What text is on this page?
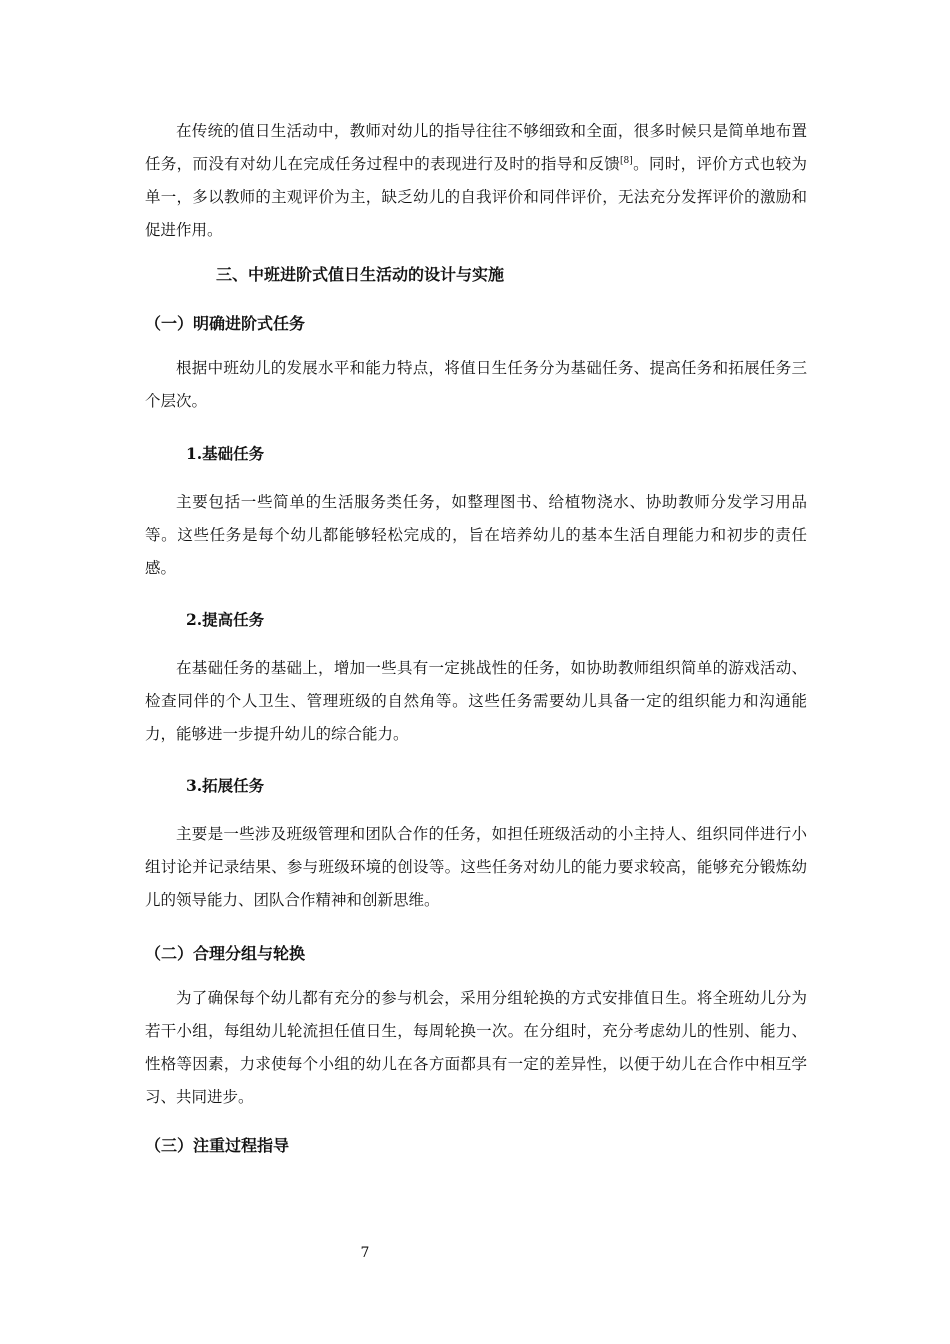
在传统的值日生活动中，教师对幼儿的指导往往不够细致和全面，很多时候只是简单地布置任务，而没有对幼儿在完成任务过程中的表现进行及时的指导和反馈[8]。同时，评价方式也较为单一，多以教师的主观评价为主，缺乏幼儿的自我评价和同伴评价，无法充分发挥评价的激励和促进作用。

三、中班进阶式值日生活动的设计与实施
（一）明确进阶式任务

根据中班幼儿的发展水平和能力特点，将值日生任务分为基础任务、提高任务和拓展任务三个层次。

1.基础任务

主要包括一些简单的生活服务类任务，如整理图书、给植物浇水、协助教师分发学习用品等。这些任务是每个幼儿都能够轻松完成的，旨在培养幼儿的基本生活自理能力和初步的责任感。

2.提高任务

在基础任务的基础上，增加一些具有一定挑战性的任务，如协助教师组织简单的游戏活动、检查同伴的个人卫生、管理班级的自然角等。这些任务需要幼儿具备一定的组织能力和沟通能力，能够进一步提升幼儿的综合能力。

3.拓展任务

主要是一些涉及班级管理和团队合作的任务，如担任班级活动的小主持人、组织同伴进行小组讨论并记录结果、参与班级环境的创设等。这些任务对幼儿的能力要求较高，能够充分锻炼幼儿的领导能力、团队合作精神和创新思维。

（二）合理分组与轮换

为了确保每个幼儿都有充分的参与机会，采用分组轮换的方式安排值日生。将全班幼儿分为若干小组，每组幼儿轮流担任值日生，每周轮换一次。在分组时，充分考虑幼儿的性别、能力、性格等因素，力求使每个小组的幼儿在各方面都具有一定的差异性，以便于幼儿在合作中相互学习、共同进步。

（三）注重过程指导
7
